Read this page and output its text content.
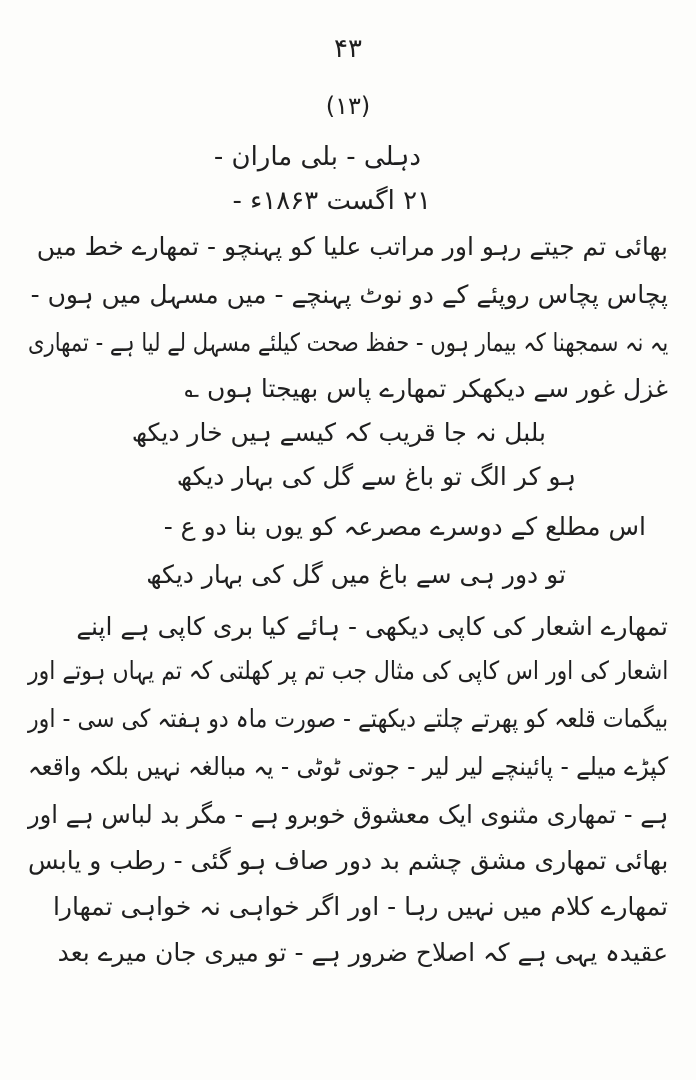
۴۳
(۱۳)
دہلی - بلی ماران -
۲۱ اگست ۱۸۶۳ء -
بھائی تم جیتے رہو اور مراتب علیا کو پہنچو - تمھارے خط میں
پچاس پچاس روپئے کے دو نوٹ پہنچے - میں مسہل میں ہوں -
یہ نہ سمجھنا کہ بیمار ہوں - حفظ صحت کیلئے مسہل لے لیا ہے - تمھاری
غزل غور سے دیکھکر تمھارے پاس بھیجتا ہوں ؎
بلبل نہ جا قریب کہ کیسے ہیں خار دیکھ
ہو کر الگ تو باغ سے گل کی بہار دیکھ
اس مطلع کے دوسرے مصرعہ کو یوں بنا دو ع -
تو دور ہی سے باغ میں گل کی بہار دیکھ
تمھارے اشعار کی کاپی دیکھی - ہائے کیا بری کاپی ہے اپنے
اشعار کی اور اس کاپی کی مثال جب تم پر کھلتی کہ تم یہاں ہوتے اور
بیگمات قلعہ کو پھرتے چلتے دیکھتے - صورت ماہ دو ہفتہ کی سی - اور
کپڑے میلے - پائینچے لیر لیر - جوتی ٹوٹی - یہ مبالغہ نہیں بلکہ واقعہ
ہے - تمھاری مثنوی ایک معشوق خوبرو ہے - مگر بد لباس ہے اور
بھائی تمھاری مشق چشم بد دور صاف ہو گئی - رطب و یابس
تمھارے کلام میں نہیں رہا - اور اگر خواہی نہ خواہی تمھارا
عقیدہ یہی ہے کہ اصلاح ضرور ہے - تو میری جان میرے بعد
